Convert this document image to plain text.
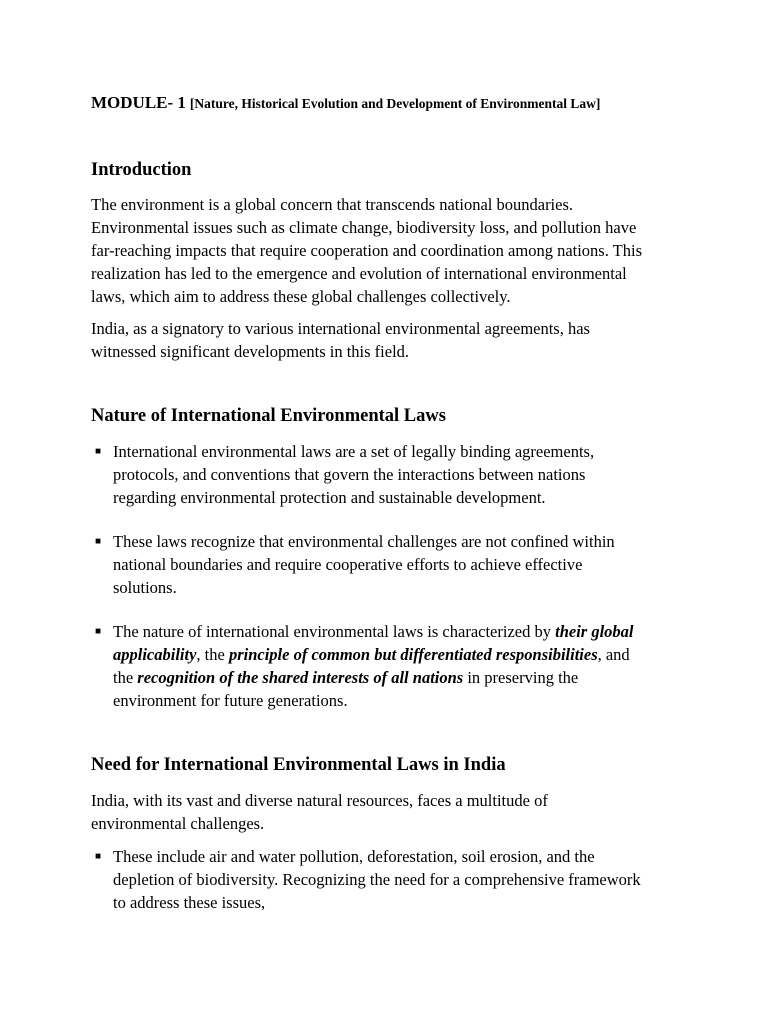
MODULE- 1 [Nature, Historical Evolution and Development of Environmental Law]
Introduction

The environment is a global concern that transcends national boundaries.
Environmental issues such as climate change, biodiversity loss, and pollution have
far-reaching impacts that require cooperation and coordination among nations. This
realization has led to the emergence and evolution of international environmental
laws, which aim to address these global challenges collectively.

India, as a signatory to various international environmental agreements, has
witnessed significant developments in this field.

Nature of International Environmental Laws
■ International environmental laws are a set of legally binding agreements,
protocols, and conventions that govern the interactions between nations
regarding environmental protection and sustainable development.
■ These laws recognize that environmental challenges are not confined within
national boundaries and require cooperative efforts to achieve effective
solutions.
■ The nature of international environmental laws is characterized by their global
applicability, the principle of common but differentiated responsibilities, and
the recognition of the shared interests of all nations in preserving the
environment for future generations.
Need for International Environmental Laws in India

India, with its vast and diverse natural resources, faces a multitude of
environmental challenges.

■ These include air and water pollution, deforestation, soil erosion, and the
depletion of biodiversity. Recognizing the need for a comprehensive framework
to address these issues,
